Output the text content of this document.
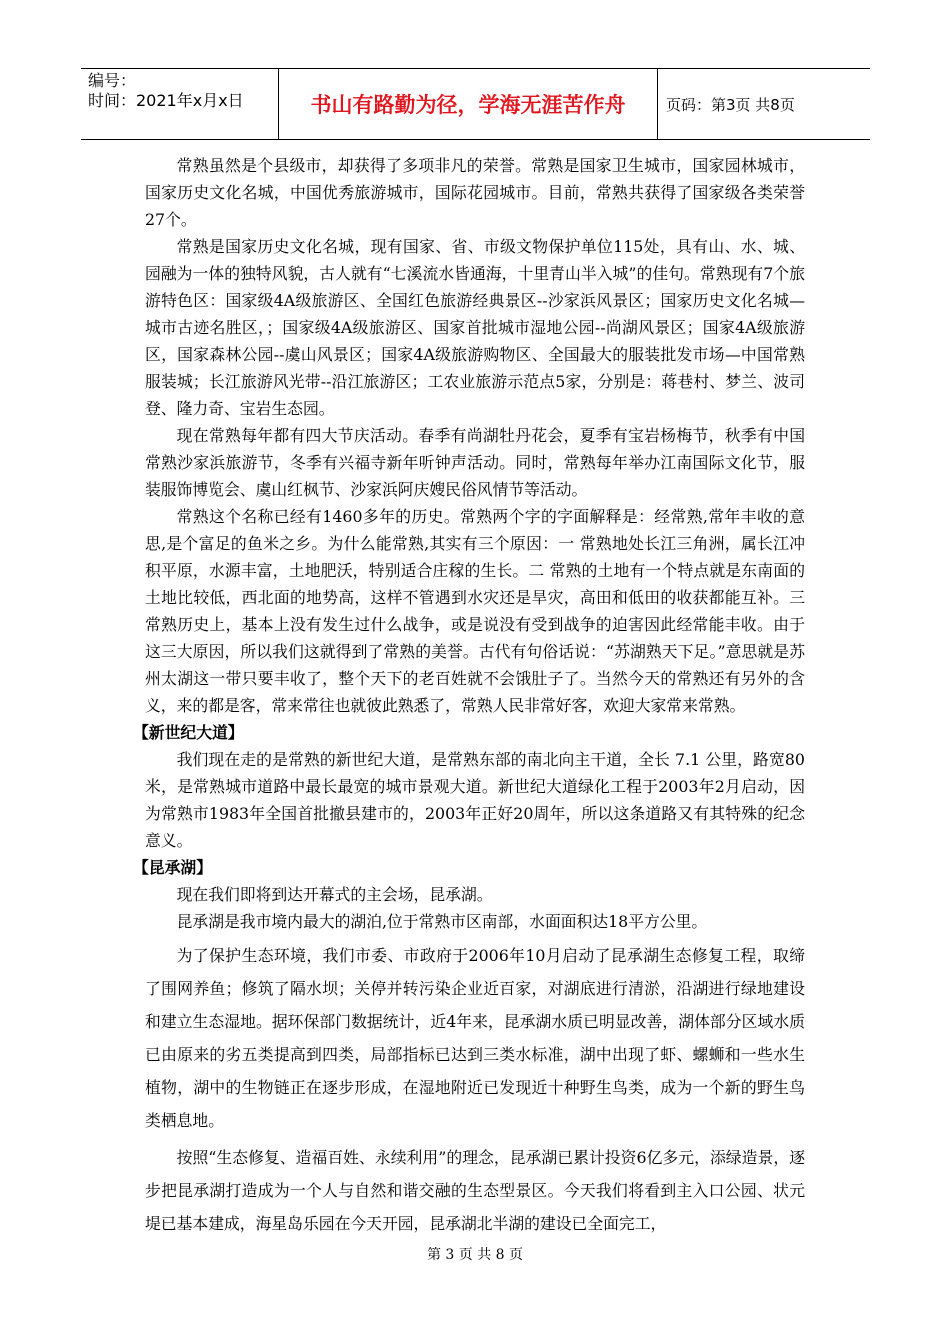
编号：
时间：2021年x月x日	书山有路勤为径，学海无涯苦作舟	页码：第3页 共8页

常熟虽然是个县级市，却获得了多项非凡的荣誉。常熟是国家卫生城市，国家园林城市，国家历史文化名城，中国优秀旅游城市，国际花园城市。目前，常熟共获得了国家级各类荣誉27个。

常熟是国家历史文化名城，现有国家、省、市级文物保护单位115处，具有山、水、城、园融为一体的独特风貌，古人就有“七溪流水皆通海，十里青山半入城”的佳句。常熟现有7个旅游特色区：国家级4A级旅游区、全国红色旅游经典景区--沙家浜风景区；国家历史文化名城—城市古迹名胜区，；国家级4A级旅游区、国家首批城市湿地公园--尚湖风景区；国家4A级旅游区，国家森林公园--虞山风景区；国家4A级旅游购物区、全国最大的服装批发市场—中国常熟服装城；长江旅游风光带--沿江旅游区；工农业旅游示范点5家，分别是：蒋巷村、梦兰、波司登、隆力奇、宝岩生态园。

现在常熟每年都有四大节庆活动。春季有尚湖牡丹花会，夏季有宝岩杨梅节，秋季有中国常熟沙家浜旅游节，冬季有兴福寺新年听钟声活动。同时，常熟每年举办江南国际文化节，服装服饰博览会、虞山红枫节、沙家浜阿庆嫂民俗风情节等活动。

常熟这个名称已经有1460多年的历史。常熟两个字的字面解释是：经常熟,常年丰收的意思,是个富足的鱼米之乡。为什么能常熟,其实有三个原因：一 常熟地处长江三角洲，属长江冲积平原，水源丰富，土地肥沃，特别适合庄稼的生长。二 常熟的土地有一个特点就是东南面的土地比较低，西北面的地势高，这样不管遇到水灾还是旱灾，高田和低田的收获都能互补。三 常熟历史上，基本上没有发生过什么战争，或是说没有受到战争的迫害因此经常能丰收。由于这三大原因，所以我们这就得到了常熟的美誉。古代有句俗话说：“苏湖熟天下足。”意思就是苏州太湖这一带只要丰收了，整个天下的老百姓就不会饿肚子了。当然今天的常熟还有另外的含义，来的都是客，常来常往也就彼此熟悉了，常熟人民非常好客，欢迎大家常来常熟。

【新世纪大道】

我们现在走的是常熟的新世纪大道，是常熟东部的南北向主干道，全长 7.1 公里，路宽80米，是常熟城市道路中最长最宽的城市景观大道。新世纪大道绿化工程于2003年2月启动，因为常熟市1983年全国首批撤县建市的，2003年正好20周年，所以这条道路又有其特殊的纪念意义。

【昆承湖】

现在我们即将到达开幕式的主会场，昆承湖。

昆承湖是我市境内最大的湖泊,位于常熟市区南部，水面面积达18平方公里。

为了保护生态环境，我们市委、市政府于2006年10月启动了昆承湖生态修复工程，取缔了围网养鱼；修筑了隔水坝；关停并转污染企业近百家，对湖底进行清淤，沿湖进行绿地建设和建立生态湿地。据环保部门数据统计，近4年来，昆承湖水质已明显改善，湖体部分区域水质已由原来的劣五类提高到四类，局部指标已达到三类水标准，湖中出现了虾、螺蛳和一些水生植物，湖中的生物链正在逐步形成，在湿地附近已发现近十种野生鸟类，成为一个新的野生鸟类栖息地。

按照“生态修复、造福百姓、永续利用”的理念，昆承湖已累计投资6亿多元，添绿造景，逐步把昆承湖打造成为一个人与自然和谐交融的生态型景区。今天我们将看到主入口公园、状元堤已基本建成，海星岛乐园在今天开园，昆承湖北半湖的建设已全面完工，

第 3 页 共 8 页
